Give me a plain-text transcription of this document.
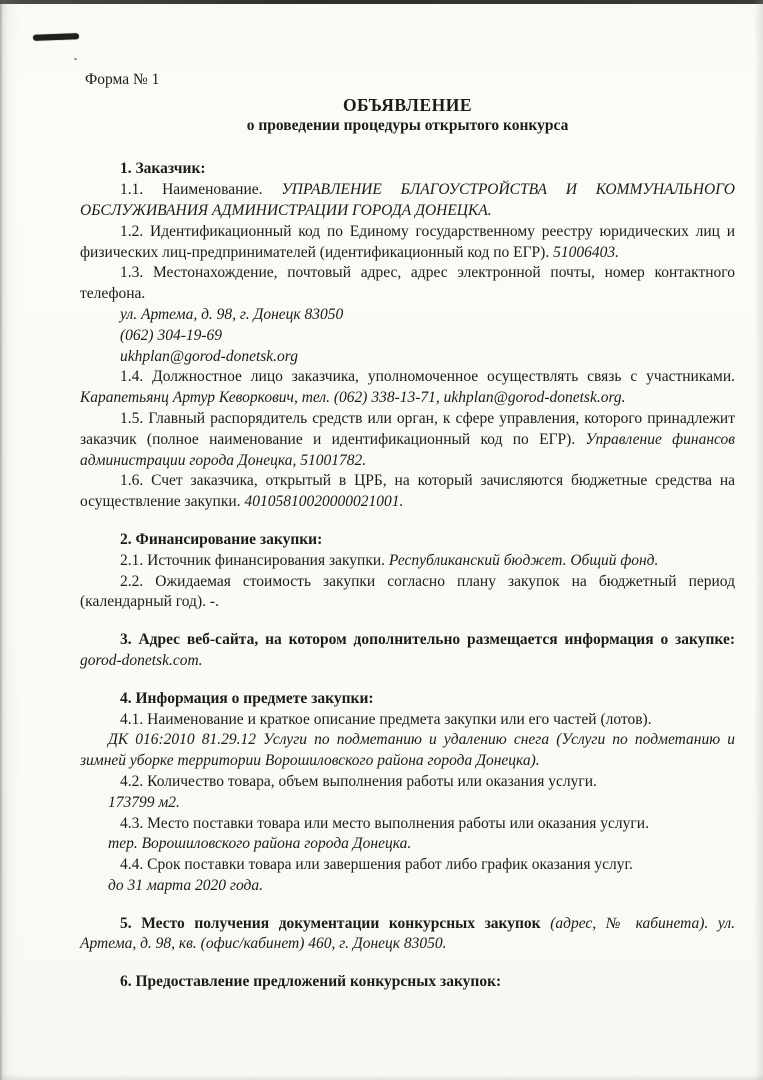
Форма № 1

ОБЪЯВЛЕНИЕ

о проведении процедуры открытого конкурса

1. Заказчик:

1.1. Наименование. УПРАВЛЕНИЕ БЛАГОУСТРОЙСТВА И КОММУНАЛЬНОГО ОБСЛУЖИВАНИЯ АДМИНИСТРАЦИИ ГОРОДА ДОНЕЦКА.

1.2. Идентификационный код по Единому государственному реестру юридических лиц и физических лиц-предпринимателей (идентификационный код по ЕГР). 51006403.

1.3. Местонахождение, почтовый адрес, адрес электронной почты, номер контактного телефона.

ул. Артема, д. 98, г. Донецк 83050

(062) 304-19-69

ukhplan@gorod-donetsk.org

1.4. Должностное лицо заказчика, уполномоченное осуществлять связь с участниками. Карапетьянц Артур Кеворкович, тел. (062) 338-13-71, ukhplan@gorod-donetsk.org.

1.5. Главный распорядитель средств или орган, к сфере управления, которого принадлежит заказчик (полное наименование и идентификационный код по ЕГР). Управление финансов администрации города Донецка, 51001782.

1.6. Счет заказчика, открытый в ЦРБ, на который зачисляются бюджетные средства на осуществление закупки. 40105810020000021001.

2. Финансирование закупки:

2.1. Источник финансирования закупки. Республиканский бюджет. Общий фонд.

2.2. Ожидаемая стоимость закупки согласно плану закупок на бюджетный период (календарный год). -.

3. Адрес веб-сайта, на котором дополнительно размещается информация о закупке: gorod-donetsk.com.

4. Информация о предмете закупки:

4.1. Наименование и краткое описание предмета закупки или его частей (лотов).

ДК 016:2010 81.29.12 Услуги по подметанию и удалению снега (Услуги по подметанию и зимней уборке территории Ворошиловского района города Донецка).

4.2. Количество товара, объем выполнения работы или оказания услуги.

173799 м2.

4.3. Место поставки товара или место выполнения работы или оказания услуги.

тер. Ворошиловского района города Донецка.

4.4. Срок поставки товара или завершения работ либо график оказания услуг.

до 31 марта 2020 года.

5. Место получения документации конкурсных закупок (адрес, № кабинета). ул. Артема, д. 98, кв. (офис/кабинет) 460, г. Донецк 83050.

6. Предоставление предложений конкурсных закупок:
